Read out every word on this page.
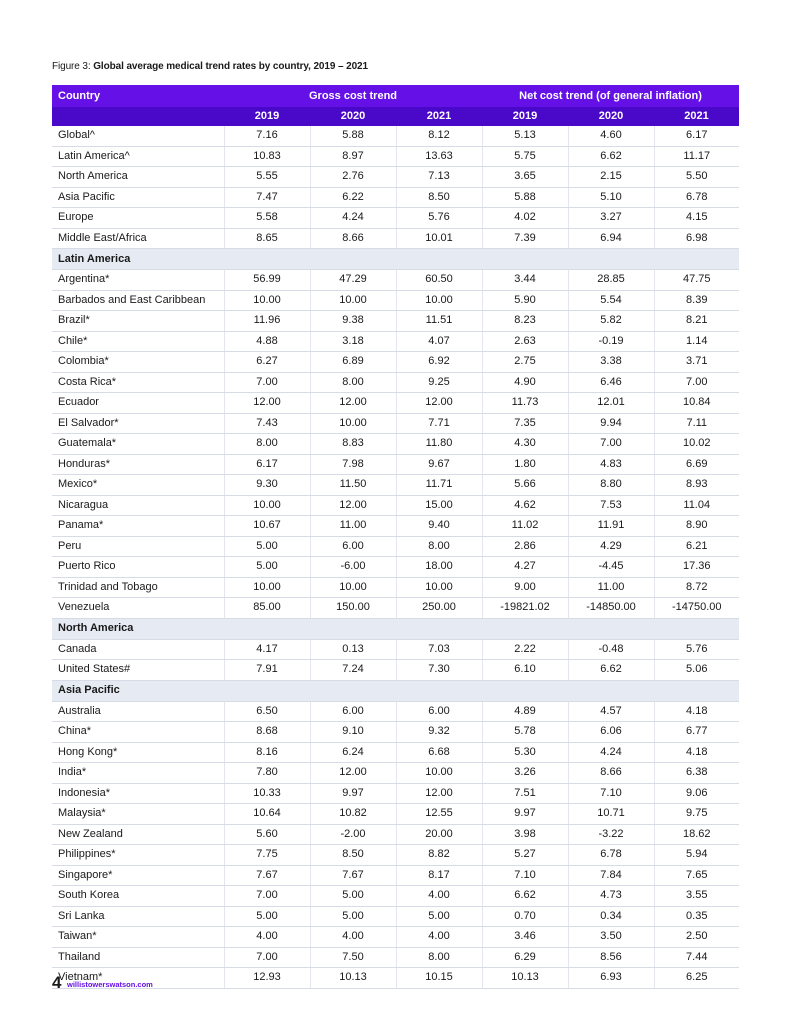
Figure 3: Global average medical trend rates by country, 2019 – 2021
Country	Gross cost trend			Net cost trend (of general inflation)		
	2019	2020	2021	2019	2020	2021
Global^	7.16	5.88	8.12	5.13	4.60	6.17
Latin America^	10.83	8.97	13.63	5.75	6.62	11.17
North America	5.55	2.76	7.13	3.65	2.15	5.50
Asia Pacific	7.47	6.22	8.50	5.88	5.10	6.78
Europe	5.58	4.24	5.76	4.02	3.27	4.15
Middle East/Africa	8.65	8.66	10.01	7.39	6.94	6.98
Latin America						
Argentina*	56.99	47.29	60.50	3.44	28.85	47.75
Barbados and East Caribbean	10.00	10.00	10.00	5.90	5.54	8.39
Brazil*	11.96	9.38	11.51	8.23	5.82	8.21
Chile*	4.88	3.18	4.07	2.63	-0.19	1.14
Colombia*	6.27	6.89	6.92	2.75	3.38	3.71
Costa Rica*	7.00	8.00	9.25	4.90	6.46	7.00
Ecuador	12.00	12.00	12.00	11.73	12.01	10.84
El Salvador*	7.43	10.00	7.71	7.35	9.94	7.11
Guatemala*	8.00	8.83	11.80	4.30	7.00	10.02
Honduras*	6.17	7.98	9.67	1.80	4.83	6.69
Mexico*	9.30	11.50	11.71	5.66	8.80	8.93
Nicaragua	10.00	12.00	15.00	4.62	7.53	11.04
Panama*	10.67	11.00	9.40	11.02	11.91	8.90
Peru	5.00	6.00	8.00	2.86	4.29	6.21
Puerto Rico	5.00	-6.00	18.00	4.27	-4.45	17.36
Trinidad and Tobago	10.00	10.00	10.00	9.00	11.00	8.72
Venezuela	85.00	150.00	250.00	-19821.02	-14850.00	-14750.00
North America						
Canada	4.17	0.13	7.03	2.22	-0.48	5.76
United States#	7.91	7.24	7.30	6.10	6.62	5.06
Asia Pacific						
Australia	6.50	6.00	6.00	4.89	4.57	4.18
China*	8.68	9.10	9.32	5.78	6.06	6.77
Hong Kong*	8.16	6.24	6.68	5.30	4.24	4.18
India*	7.80	12.00	10.00	3.26	8.66	6.38
Indonesia*	10.33	9.97	12.00	7.51	7.10	9.06
Malaysia*	10.64	10.82	12.55	9.97	10.71	9.75
New Zealand	5.60	-2.00	20.00	3.98	-3.22	18.62
Philippines*	7.75	8.50	8.82	5.27	6.78	5.94
Singapore*	7.67	7.67	8.17	7.10	7.84	7.65
South Korea	7.00	5.00	4.00	6.62	4.73	3.55
Sri Lanka	5.00	5.00	5.00	0.70	0.34	0.35
Taiwan*	4.00	4.00	4.00	3.46	3.50	2.50
Thailand	7.00	7.50	8.00	6.29	8.56	7.44
Vietnam*	12.93	10.13	10.15	10.13	6.93	6.25
4 willistowerswatson.com
